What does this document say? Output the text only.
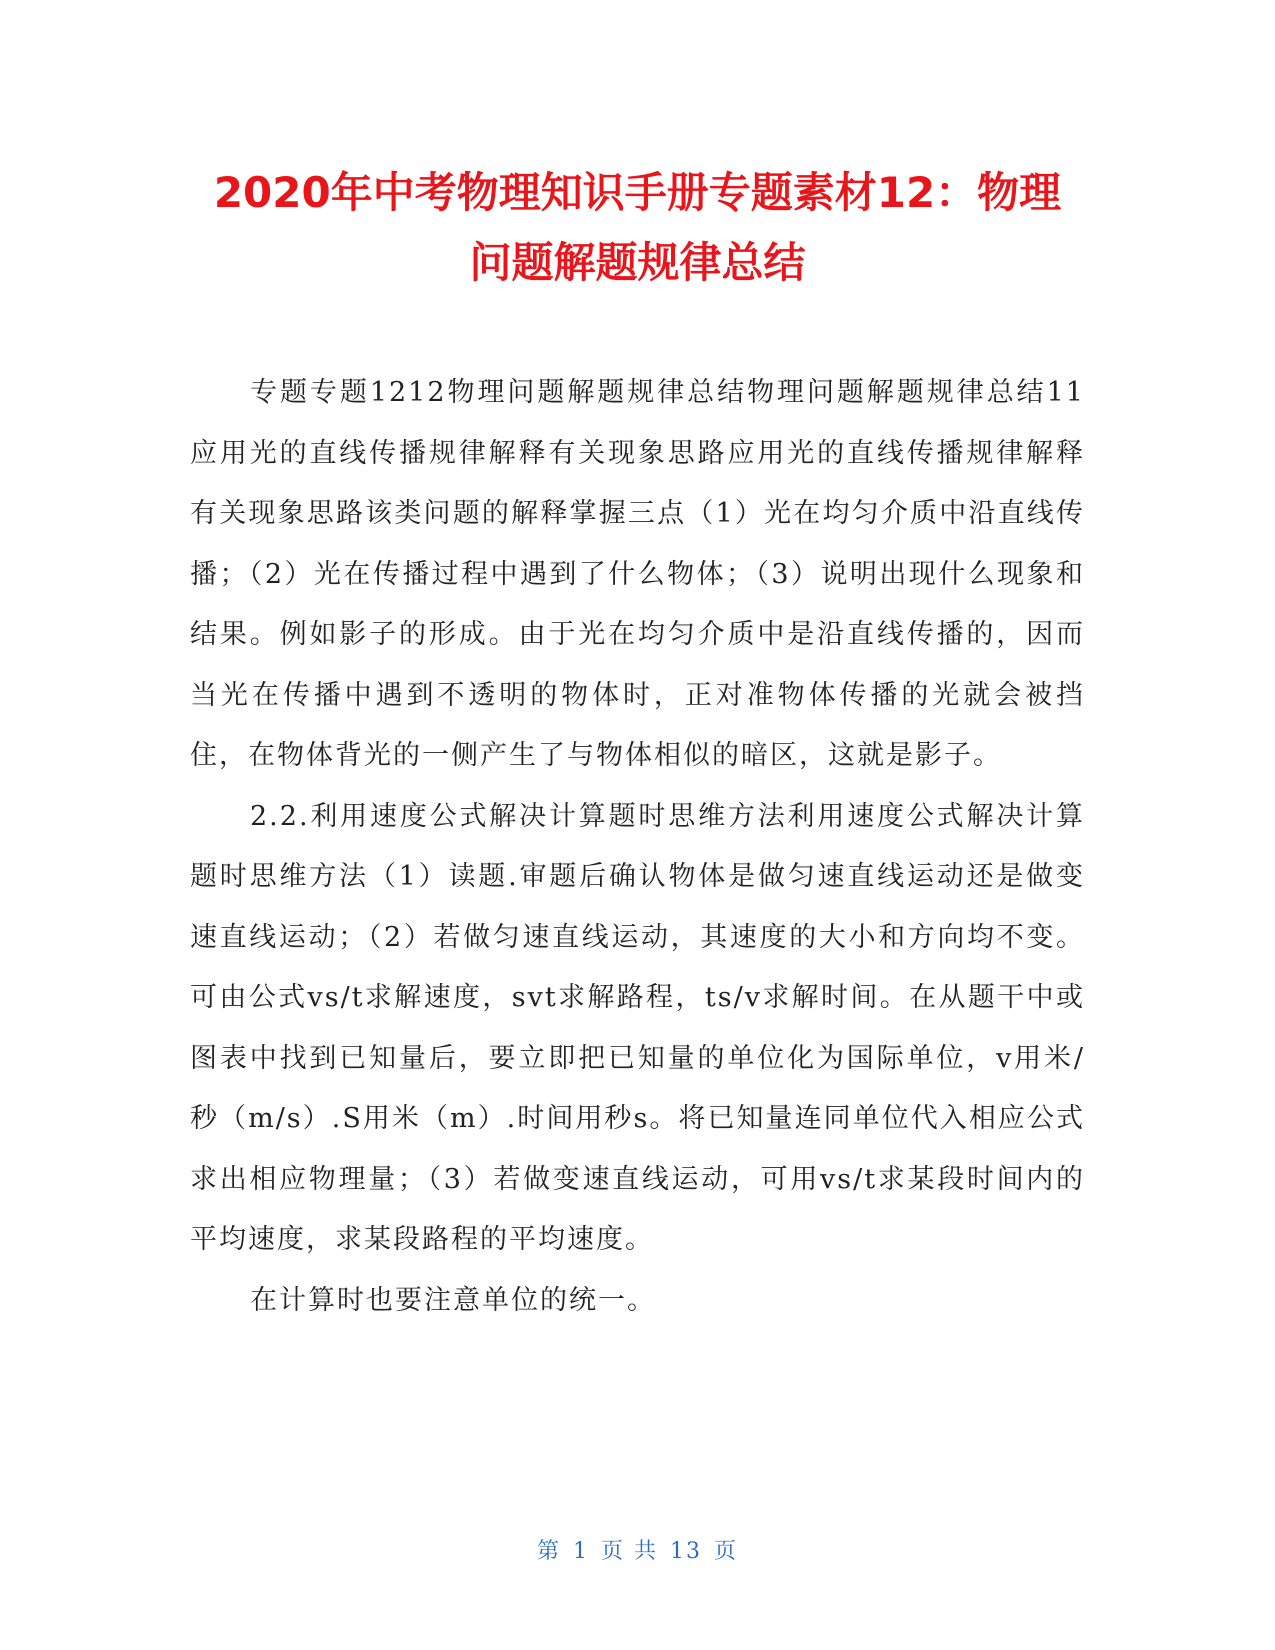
2020年中考物理知识手册专题素材12：物理
问题解题规律总结

专题专题1212物理问题解题规律总结物理问题解题规律总结11应用光的直线传播规律解释有关现象思路应用光的直线传播规律解释有关现象思路该类问题的解释掌握三点（1）光在均匀介质中沿直线传播；（2）光在传播过程中遇到了什么物体；（3）说明出现什么现象和结果。例如影子的形成。由于光在均匀介质中是沿直线传播的，因而当光在传播中遇到不透明的物体时，正对准物体传播的光就会被挡住，在物体背光的一侧产生了与物体相似的暗区，这就是影子。

2.2.利用速度公式解决计算题时思维方法利用速度公式解决计算题时思维方法（1）读题.审题后确认物体是做匀速直线运动还是做变速直线运动；（2）若做匀速直线运动，其速度的大小和方向均不变。可由公式vs/t求解速度，svt求解路程，ts/v求解时间。在从题干中或图表中找到已知量后，要立即把已知量的单位化为国际单位，v用米/秒（m/s）.S用米（m）.时间用秒s。将已知量连同单位代入相应公式求出相应物理量；（3）若做变速直线运动，可用vs/t求某段时间内的平均速度，求某段路程的平均速度。

在计算时也要注意单位的统一。

第 1 页 共 13 页
